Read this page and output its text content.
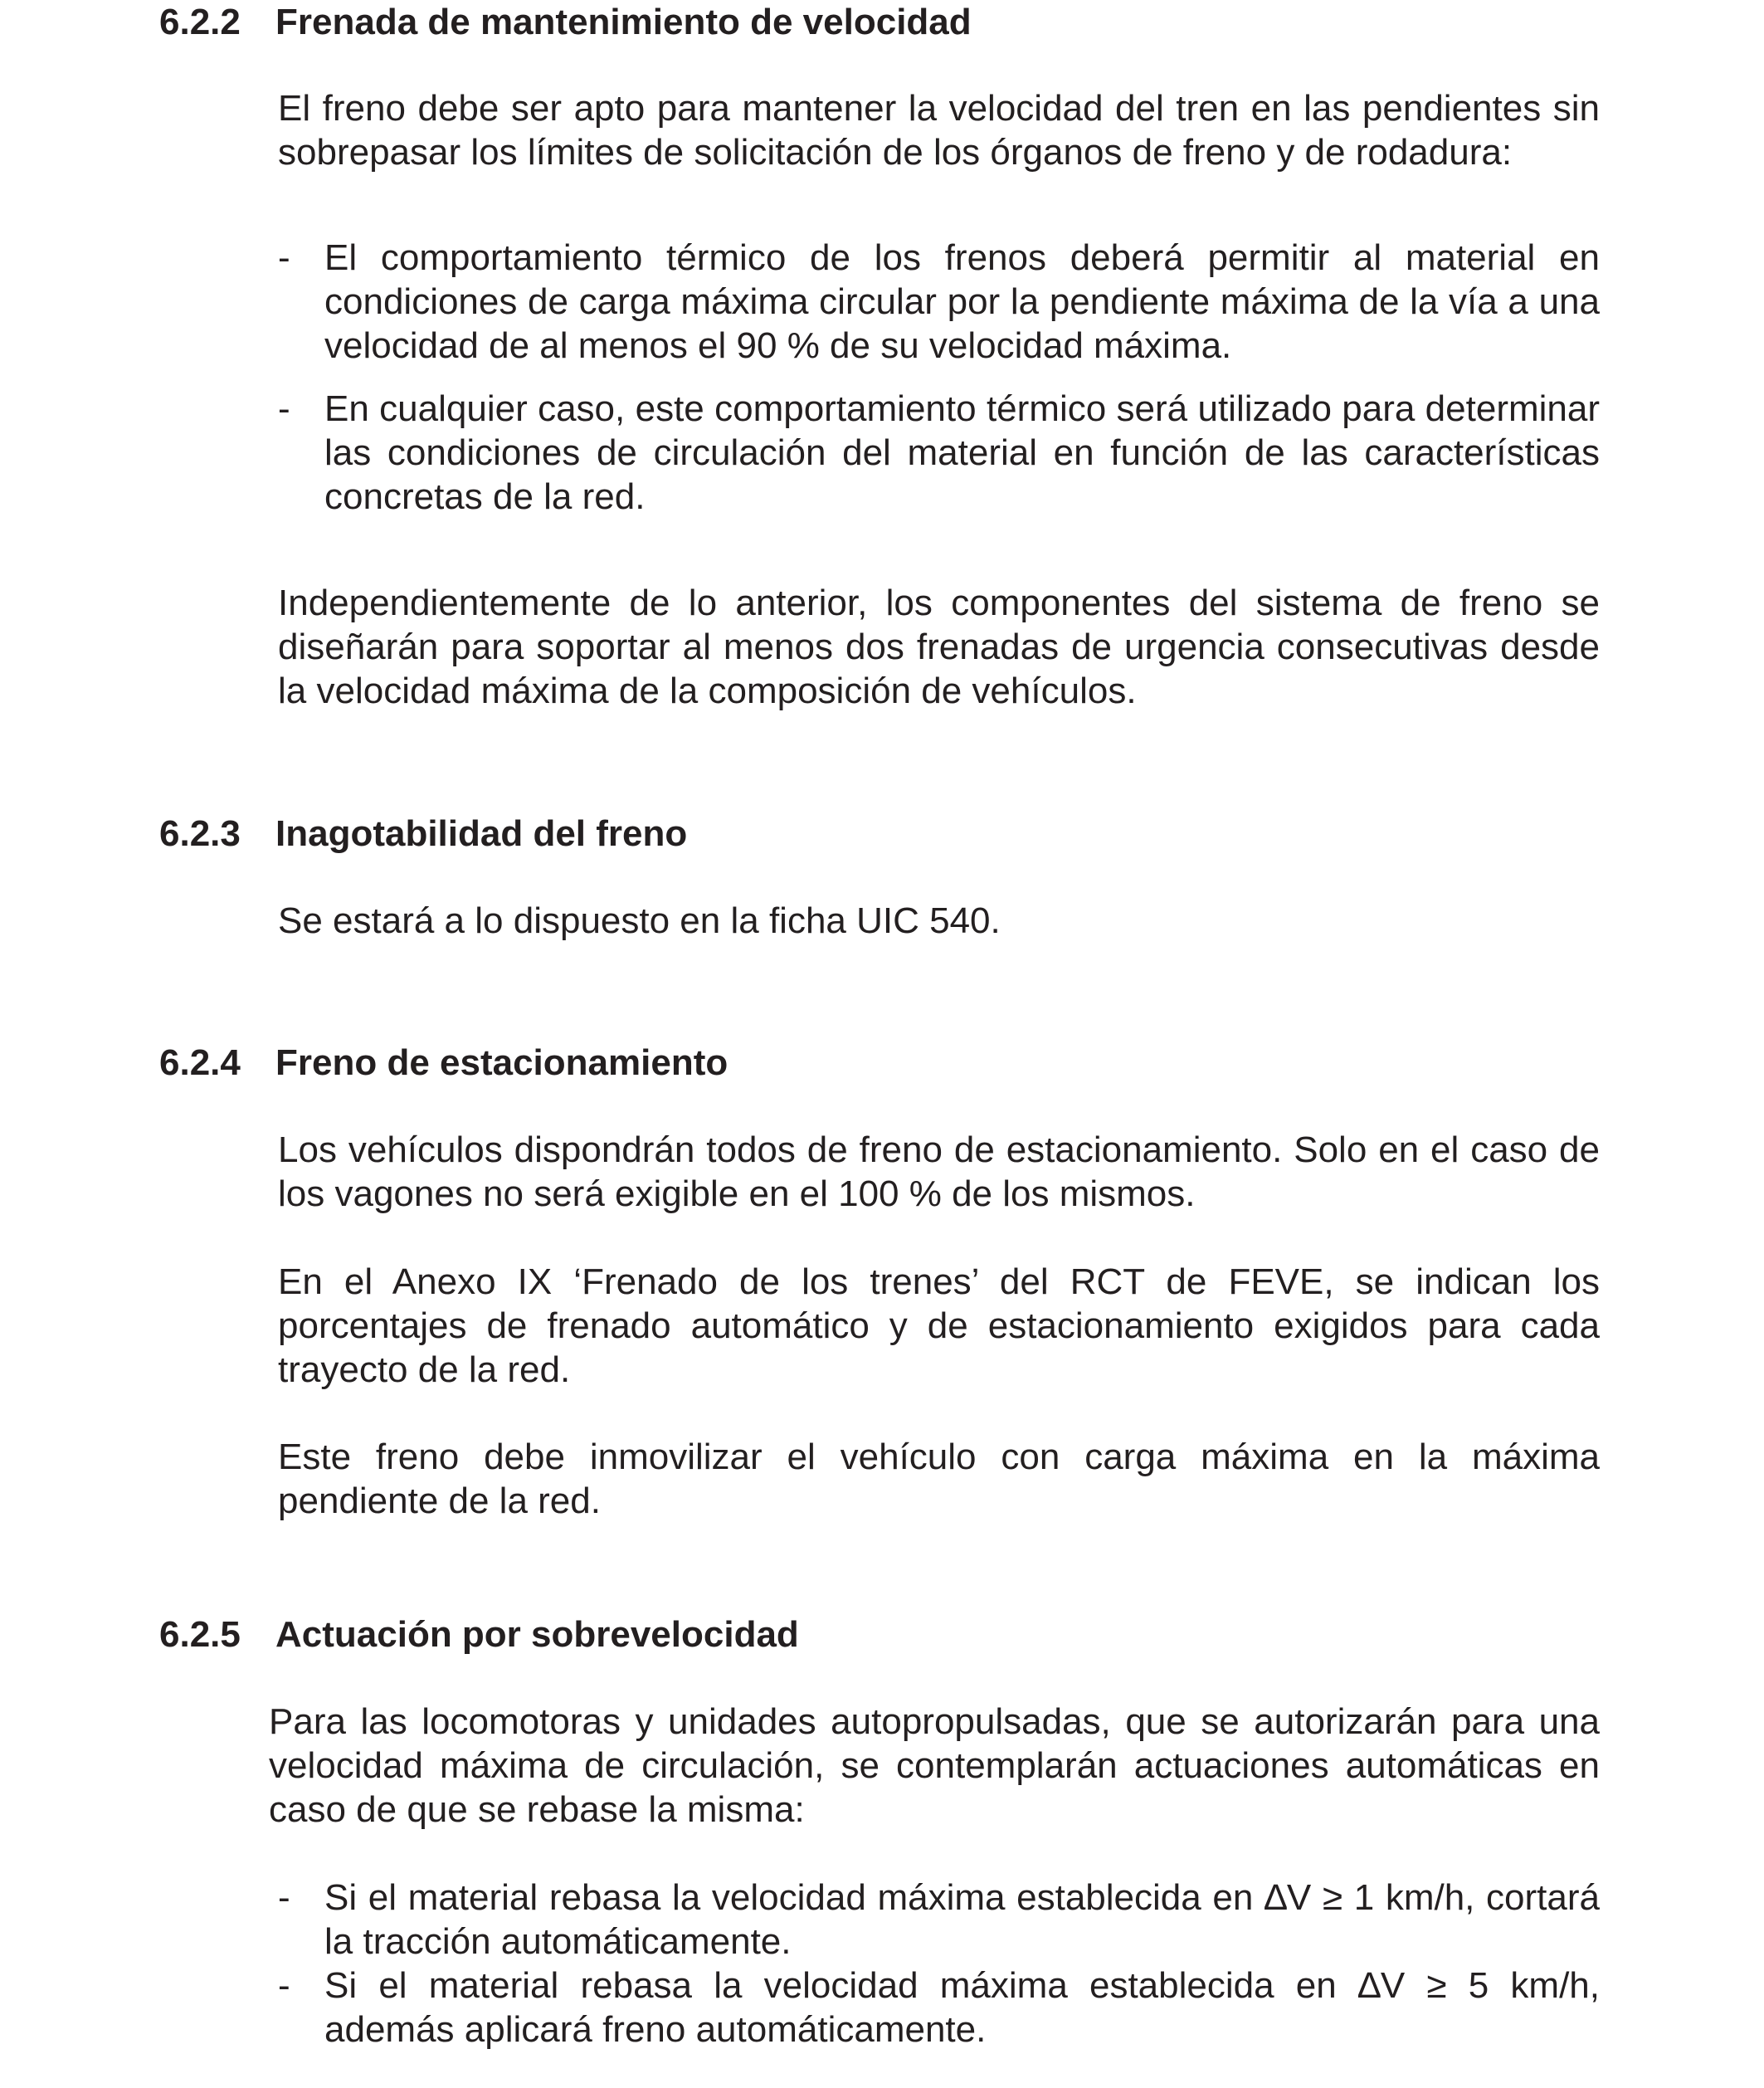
6.2.2 Frenada de mantenimiento de velocidad
El freno debe ser apto para mantener la velocidad del tren en las pendientes sin sobrepasar los límites de solicitación de los órganos de freno y de rodadura:
- El comportamiento térmico de los frenos deberá permitir al material en condiciones de carga máxima circular por la pendiente máxima de la vía a una velocidad de al menos el 90 % de su velocidad máxima.
- En cualquier caso, este comportamiento térmico será utilizado para determinar las condiciones de circulación del material en función de las características concretas de la red.
Independientemente de lo anterior, los componentes del sistema de freno se diseñarán para soportar al menos dos frenadas de urgencia consecutivas desde la velocidad máxima de la composición de vehículos.
6.2.3 Inagotabilidad del freno
Se estará a lo dispuesto en la ficha UIC 540.
6.2.4 Freno de estacionamiento
Los vehículos dispondrán todos de freno de estacionamiento. Solo en el caso de los vagones no será exigible en el 100 % de los mismos.
En el Anexo IX ‘Frenado de los trenes’ del RCT de FEVE, se indican los porcentajes de frenado automático y de estacionamiento exigidos para cada trayecto de la red.
Este freno debe inmovilizar el vehículo con carga máxima en la máxima pendiente de la red.
6.2.5 Actuación por sobrevelocidad
Para las locomotoras y unidades autopropulsadas, que se autorizarán para una velocidad máxima de circulación, se contemplarán actuaciones automáticas en caso de que se rebase la misma:
- Si el material rebasa la velocidad máxima establecida en ∆V ≥ 1 km/h, cortará la tracción automáticamente.
- Si el material rebasa la velocidad máxima establecida en ∆V ≥ 5 km/h, además aplicará freno automáticamente.
